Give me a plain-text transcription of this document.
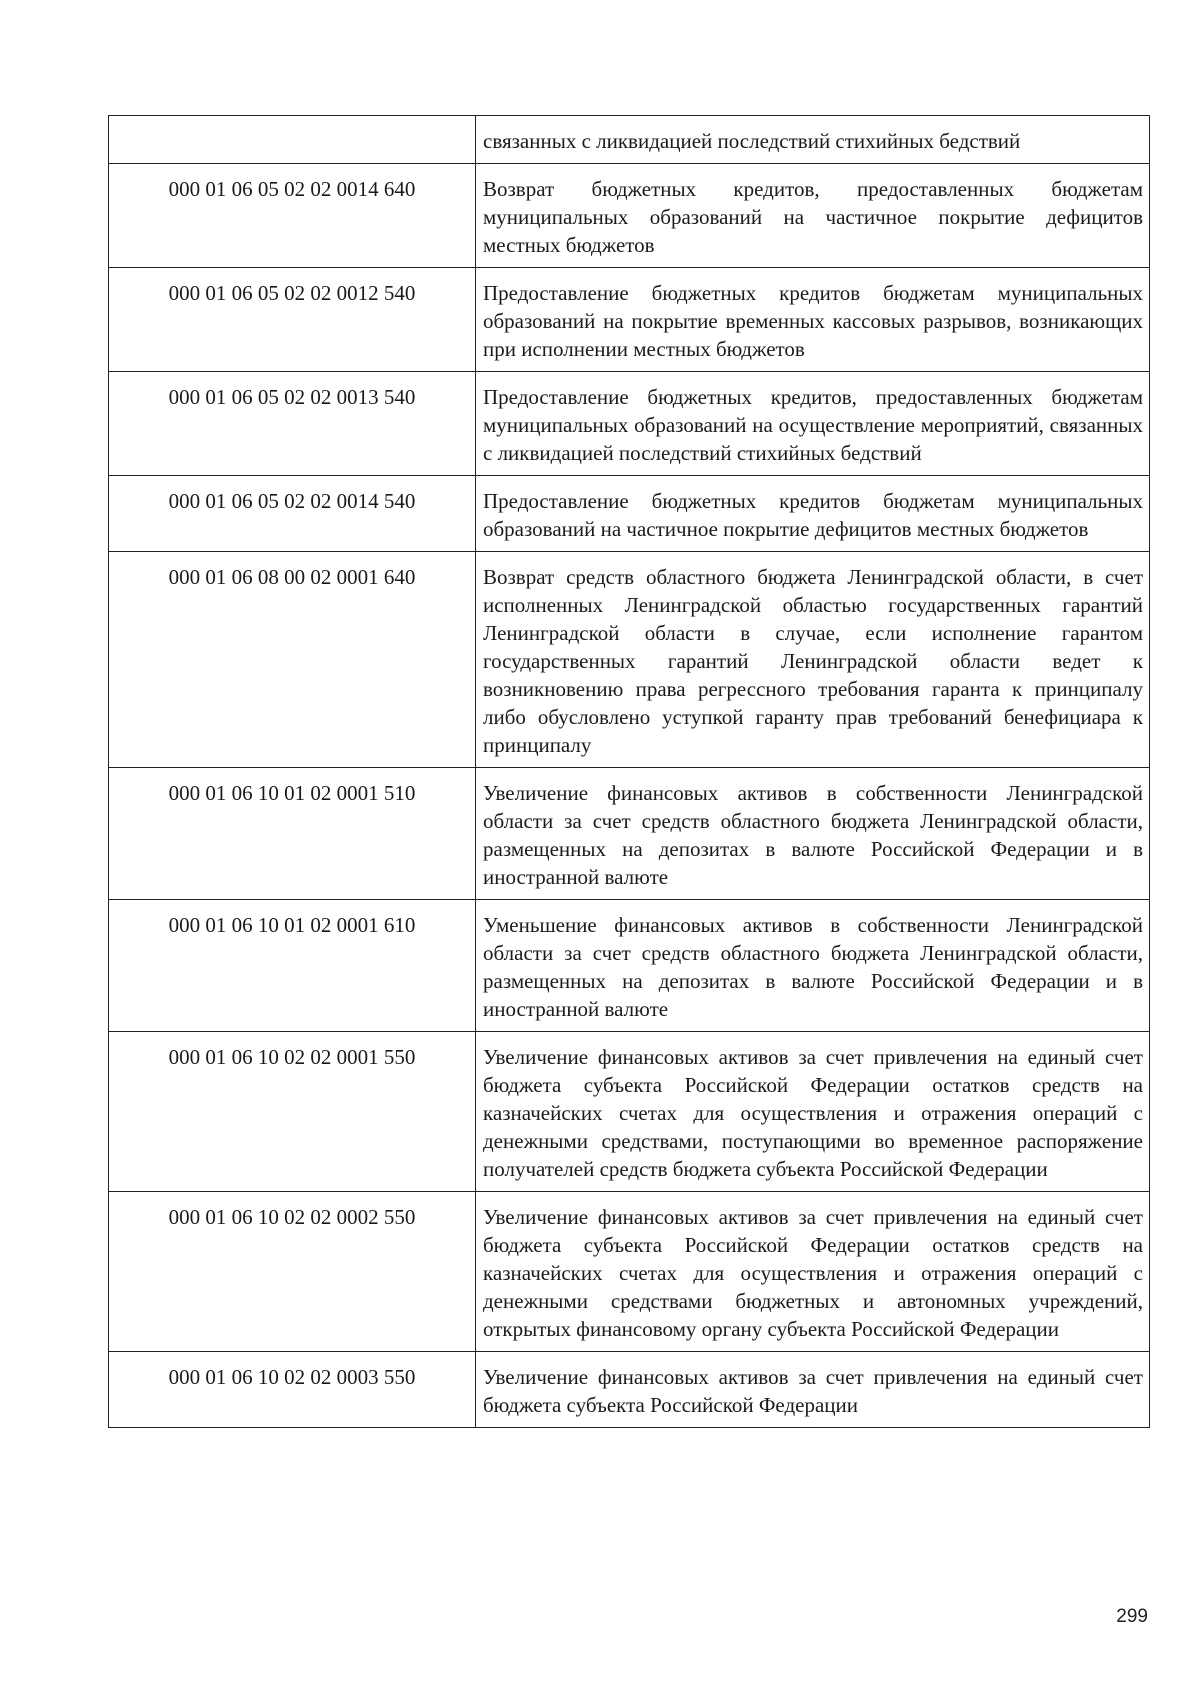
	связанных с ликвидацией последствий стихийных бедствий
000 01 06 05 02 02 0014 640	Возврат бюджетных кредитов, предоставленных бюджетам муниципальных образований на частичное покрытие дефицитов местных бюджетов
000 01 06 05 02 02 0012 540	Предоставление бюджетных кредитов бюджетам муниципальных образований на покрытие временных кассовых разрывов, возникающих при исполнении местных бюджетов
000 01 06 05 02 02 0013 540	Предоставление бюджетных кредитов, предоставленных бюджетам муниципальных образований на осуществление мероприятий, связанных с ликвидацией последствий стихийных бедствий
000 01 06 05 02 02 0014 540	Предоставление бюджетных кредитов бюджетам муниципальных образований на частичное покрытие дефицитов местных бюджетов
000 01 06 08 00 02 0001 640	Возврат средств областного бюджета Ленинградской области, в счет исполненных Ленинградской областью государственных гарантий Ленинградской области в случае, если исполнение гарантом государственных гарантий Ленинградской области ведет к возникновению права регрессного требования гаранта к принципалу либо обусловлено уступкой гаранту прав требований бенефициара к принципалу
000 01 06 10 01 02 0001 510	Увеличение финансовых активов в собственности Ленинградской области за счет средств областного бюджета Ленинградской области, размещенных на депозитах в валюте Российской Федерации и в иностранной валюте
000 01 06 10 01 02 0001 610	Уменьшение финансовых активов в собственности Ленинградской области за счет средств областного бюджета Ленинградской области, размещенных на депозитах в валюте Российской Федерации и в иностранной валюте
000 01 06 10 02 02 0001 550	Увеличение финансовых активов за счет привлечения на единый счет бюджета субъекта Российской Федерации остатков средств на казначейских счетах для осуществления и отражения операций с денежными средствами, поступающими во временное распоряжение получателей средств бюджета субъекта Российской Федерации
000 01 06 10 02 02 0002 550	Увеличение финансовых активов за счет привлечения на единый счет бюджета субъекта Российской Федерации остатков средств на казначейских счетах для осуществления и отражения операций с денежными средствами бюджетных и автономных учреждений, открытых финансовому органу субъекта Российской Федерации
000 01 06 10 02 02 0003 550	Увеличение финансовых активов за счет привлечения на единый счет бюджета субъекта Российской Федерации
299
